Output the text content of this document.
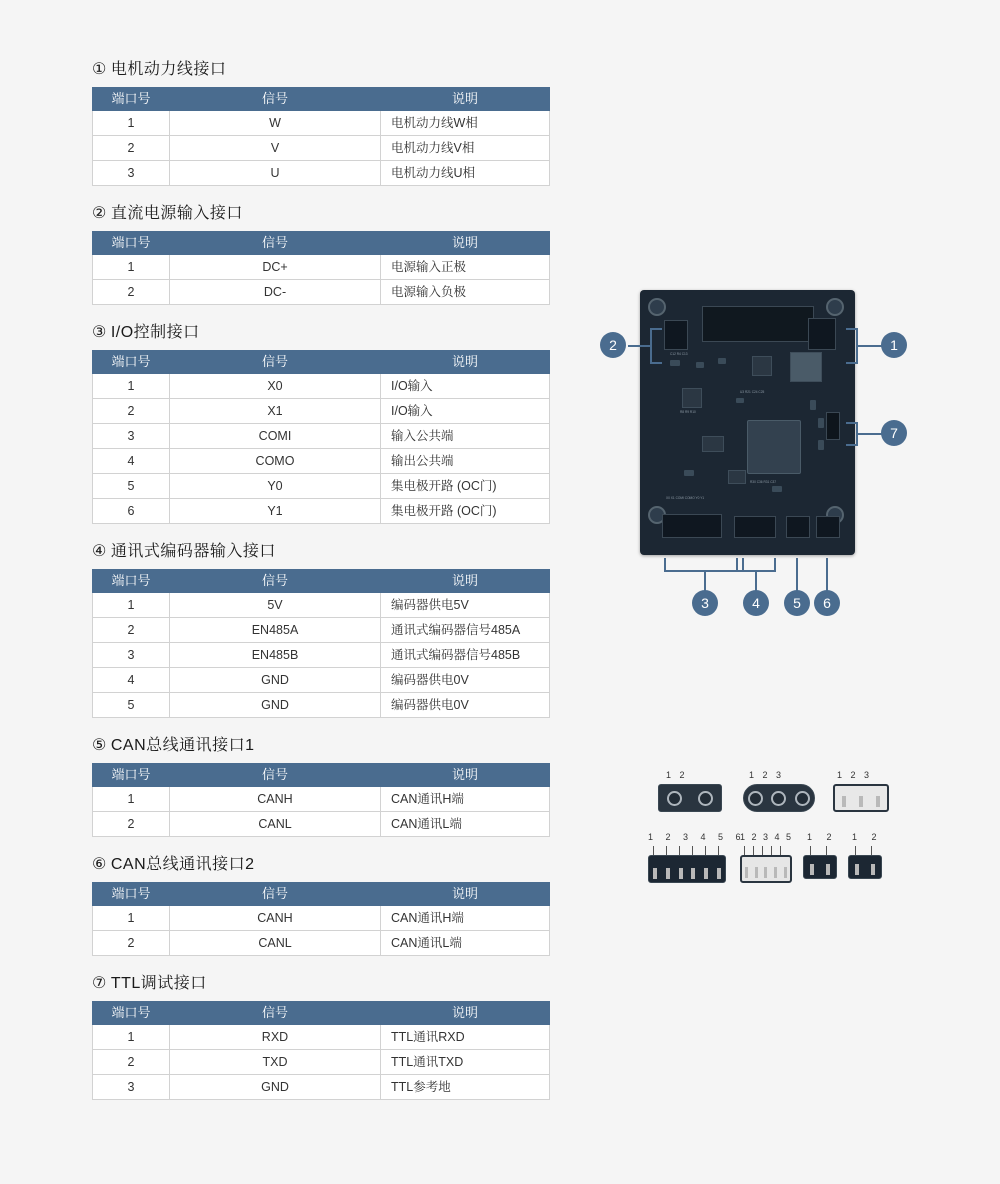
① 电机动力线接口
端口号	信号	说明
1	W	电机动力线W相
2	V	电机动力线V相
3	U	电机动力线U相
② 直流电源输入接口
端口号	信号	说明
1	DC+	电源输入正极
2	DC-	电源输入负极
③ I/O控制接口
端口号	信号	说明
1	X0	I/O输入
2	X1	I/O输入
3	COMI	输入公共端
4	COMO	输出公共端
5	Y0	集电极开路 (OC门)
6	Y1	集电极开路 (OC门)
④ 通讯式编码器输入接口
端口号	信号	说明
1	5V	编码器供电5V
2	EN485A	通讯式编码器信号485A
3	EN485B	通讯式编码器信号485B
4	GND	编码器供电0V
5	GND	编码器供电0V
⑤ CAN总线通讯接口1
端口号	信号	说明
1	CANH	CAN通讯H端
2	CANL	CAN通讯L端
⑥ CAN总线通讯接口2
端口号	信号	说明
1	CANH	CAN通讯H端
2	CANL	CAN通讯L端
⑦ TTL调试接口
端口号	信号	说明
1	RXD	TTL通讯RXD
2	TXD	TTL通讯TXD
3	GND	TTL参考地
C12 R4 C13
U3 R21 C24 C25
R8 R9 R10
R30 C36 R31 C37
X0 X1 COMI COMO Y0 Y1
2	1
7
3	4	5	6
1 2	1 2 3	1 2 3
1 2 3 4 5 6
1 2 3 4 5	1 2	1 2
